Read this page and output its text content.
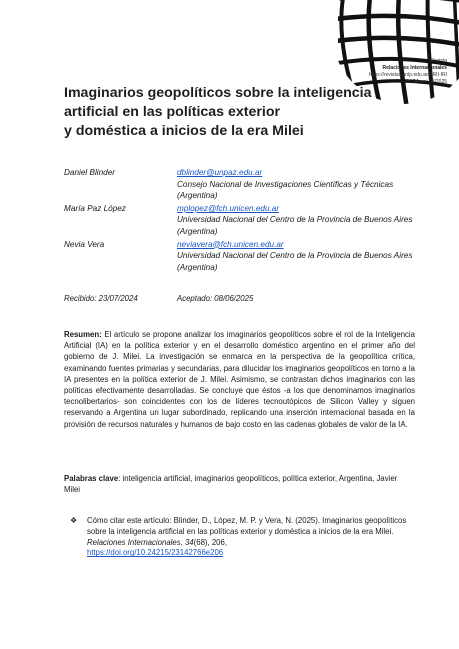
Revista
Relaciones Internacionales
https://revistas.unlp.edu.ar/RRII-IRI
Vol 34 - nº 68/2025
Imaginarios geopolíticos sobre la inteligencia
artificial en las políticas exterior
y doméstica a inicios de la era Milei
Daniel Blinder	dblinder@unpaz.edu.ar
Consejo Nacional de Investigaciones Científicas y Técnicas (Argentina)
María Paz López	mplopez@fch.unicen.edu.ar
Universidad Nacional del Centro de la Provincia de Buenos Aires (Argentina)
Nevia Vera	neviavera@fch.unicen.edu.ar
Universidad Nacional del Centro de la Provincia de Buenos Aires (Argentina)
Recibido: 23/07/2024	Aceptado: 08/06/2025

Resumen: El artículo se propone analizar los imaginarios geopolíticos sobre el rol de la Inteligencia Artificial (IA) en la política exterior y en el desarrollo doméstico argentino en el primer año del gobierno de J. Milei. La investigación se enmarca en la perspectiva de la geopolítica crítica, examinando fuentes primarias y secundarias, para dilucidar los imaginarios geopolíticos en torno a la IA presentes en la política exterior de J. Milei. Asimismo, se contrastan dichos imaginarios con las políticas efectivamente desarrolladas. Se concluye que éstos -a los que denominamos imaginarios tecnolibertarios- son coincidentes con los de líderes tecnoutópicos de Silicon Valley y siguen reservando a Argentina un lugar subordinado, replicando una inserción internacional basada en la provisión de recursos naturales y humanos de bajo costo en las cadenas globales de valor de la IA.

Palabras clave: inteligencia artificial, imaginarios geopolíticos, política exterior, Argentina, Javier Milei

❖	Cómo citar este artículo: Blinder, D., López, M. P. y Vera, N. (2025). Imaginarios geopolíticos sobre la inteligencia artificial en las políticas exterior y doméstica a inicios de la era Milei. Relaciones Internacionales, 34(68), 206,
https://doi.org/10.24215/23142766e206
